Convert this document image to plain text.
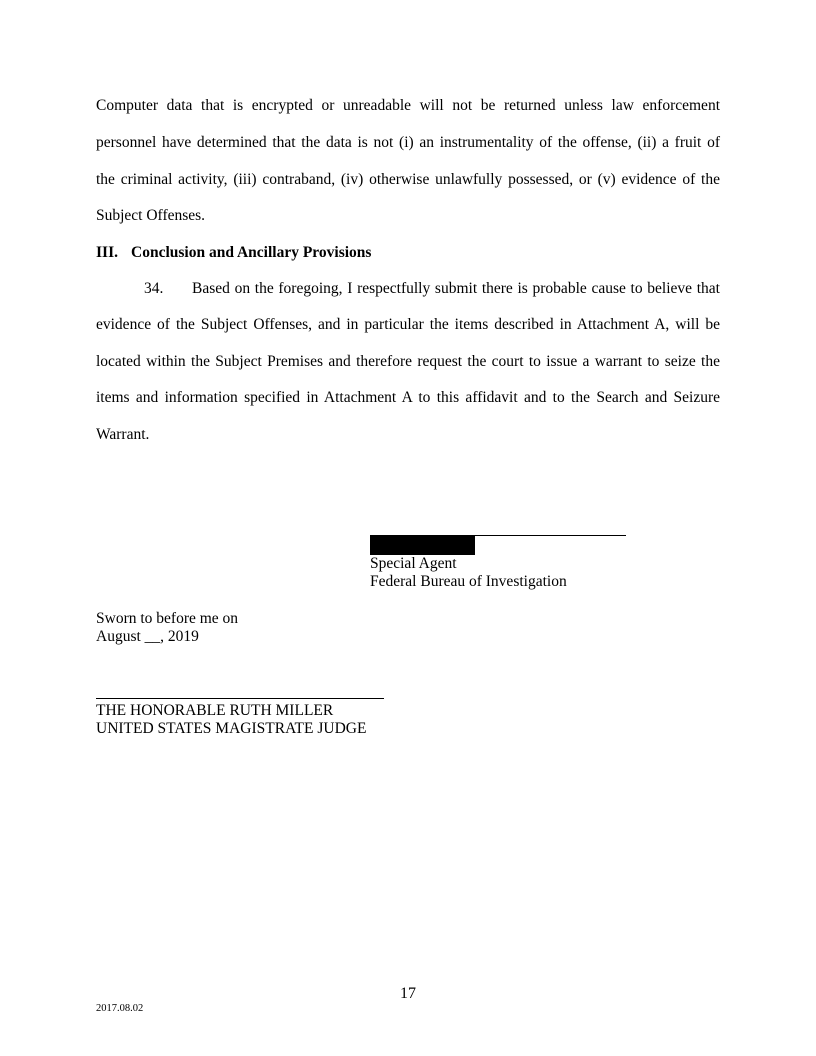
Computer data that is encrypted or unreadable will not be returned unless law enforcement
personnel have determined that the data is not (i) an instrumentality of the offense, (ii) a fruit of
the criminal activity, (iii) contraband, (iv) otherwise unlawfully possessed, or (v) evidence of the
Subject Offenses.
III. Conclusion and Ancillary Provisions
34. Based on the foregoing, I respectfully submit there is probable cause to believe that
evidence of the Subject Offenses, and in particular the items described in Attachment A, will be
located within the Subject Premises and therefore request the court to issue a warrant to seize the
items and information specified in Attachment A to this affidavit and to the Search and Seizure
Warrant.
Special Agent
Federal Bureau of Investigation
Sworn to before me on
August __, 2019
THE HONORABLE RUTH MILLER
UNITED STATES MAGISTRATE JUDGE
17
2017.08.02
